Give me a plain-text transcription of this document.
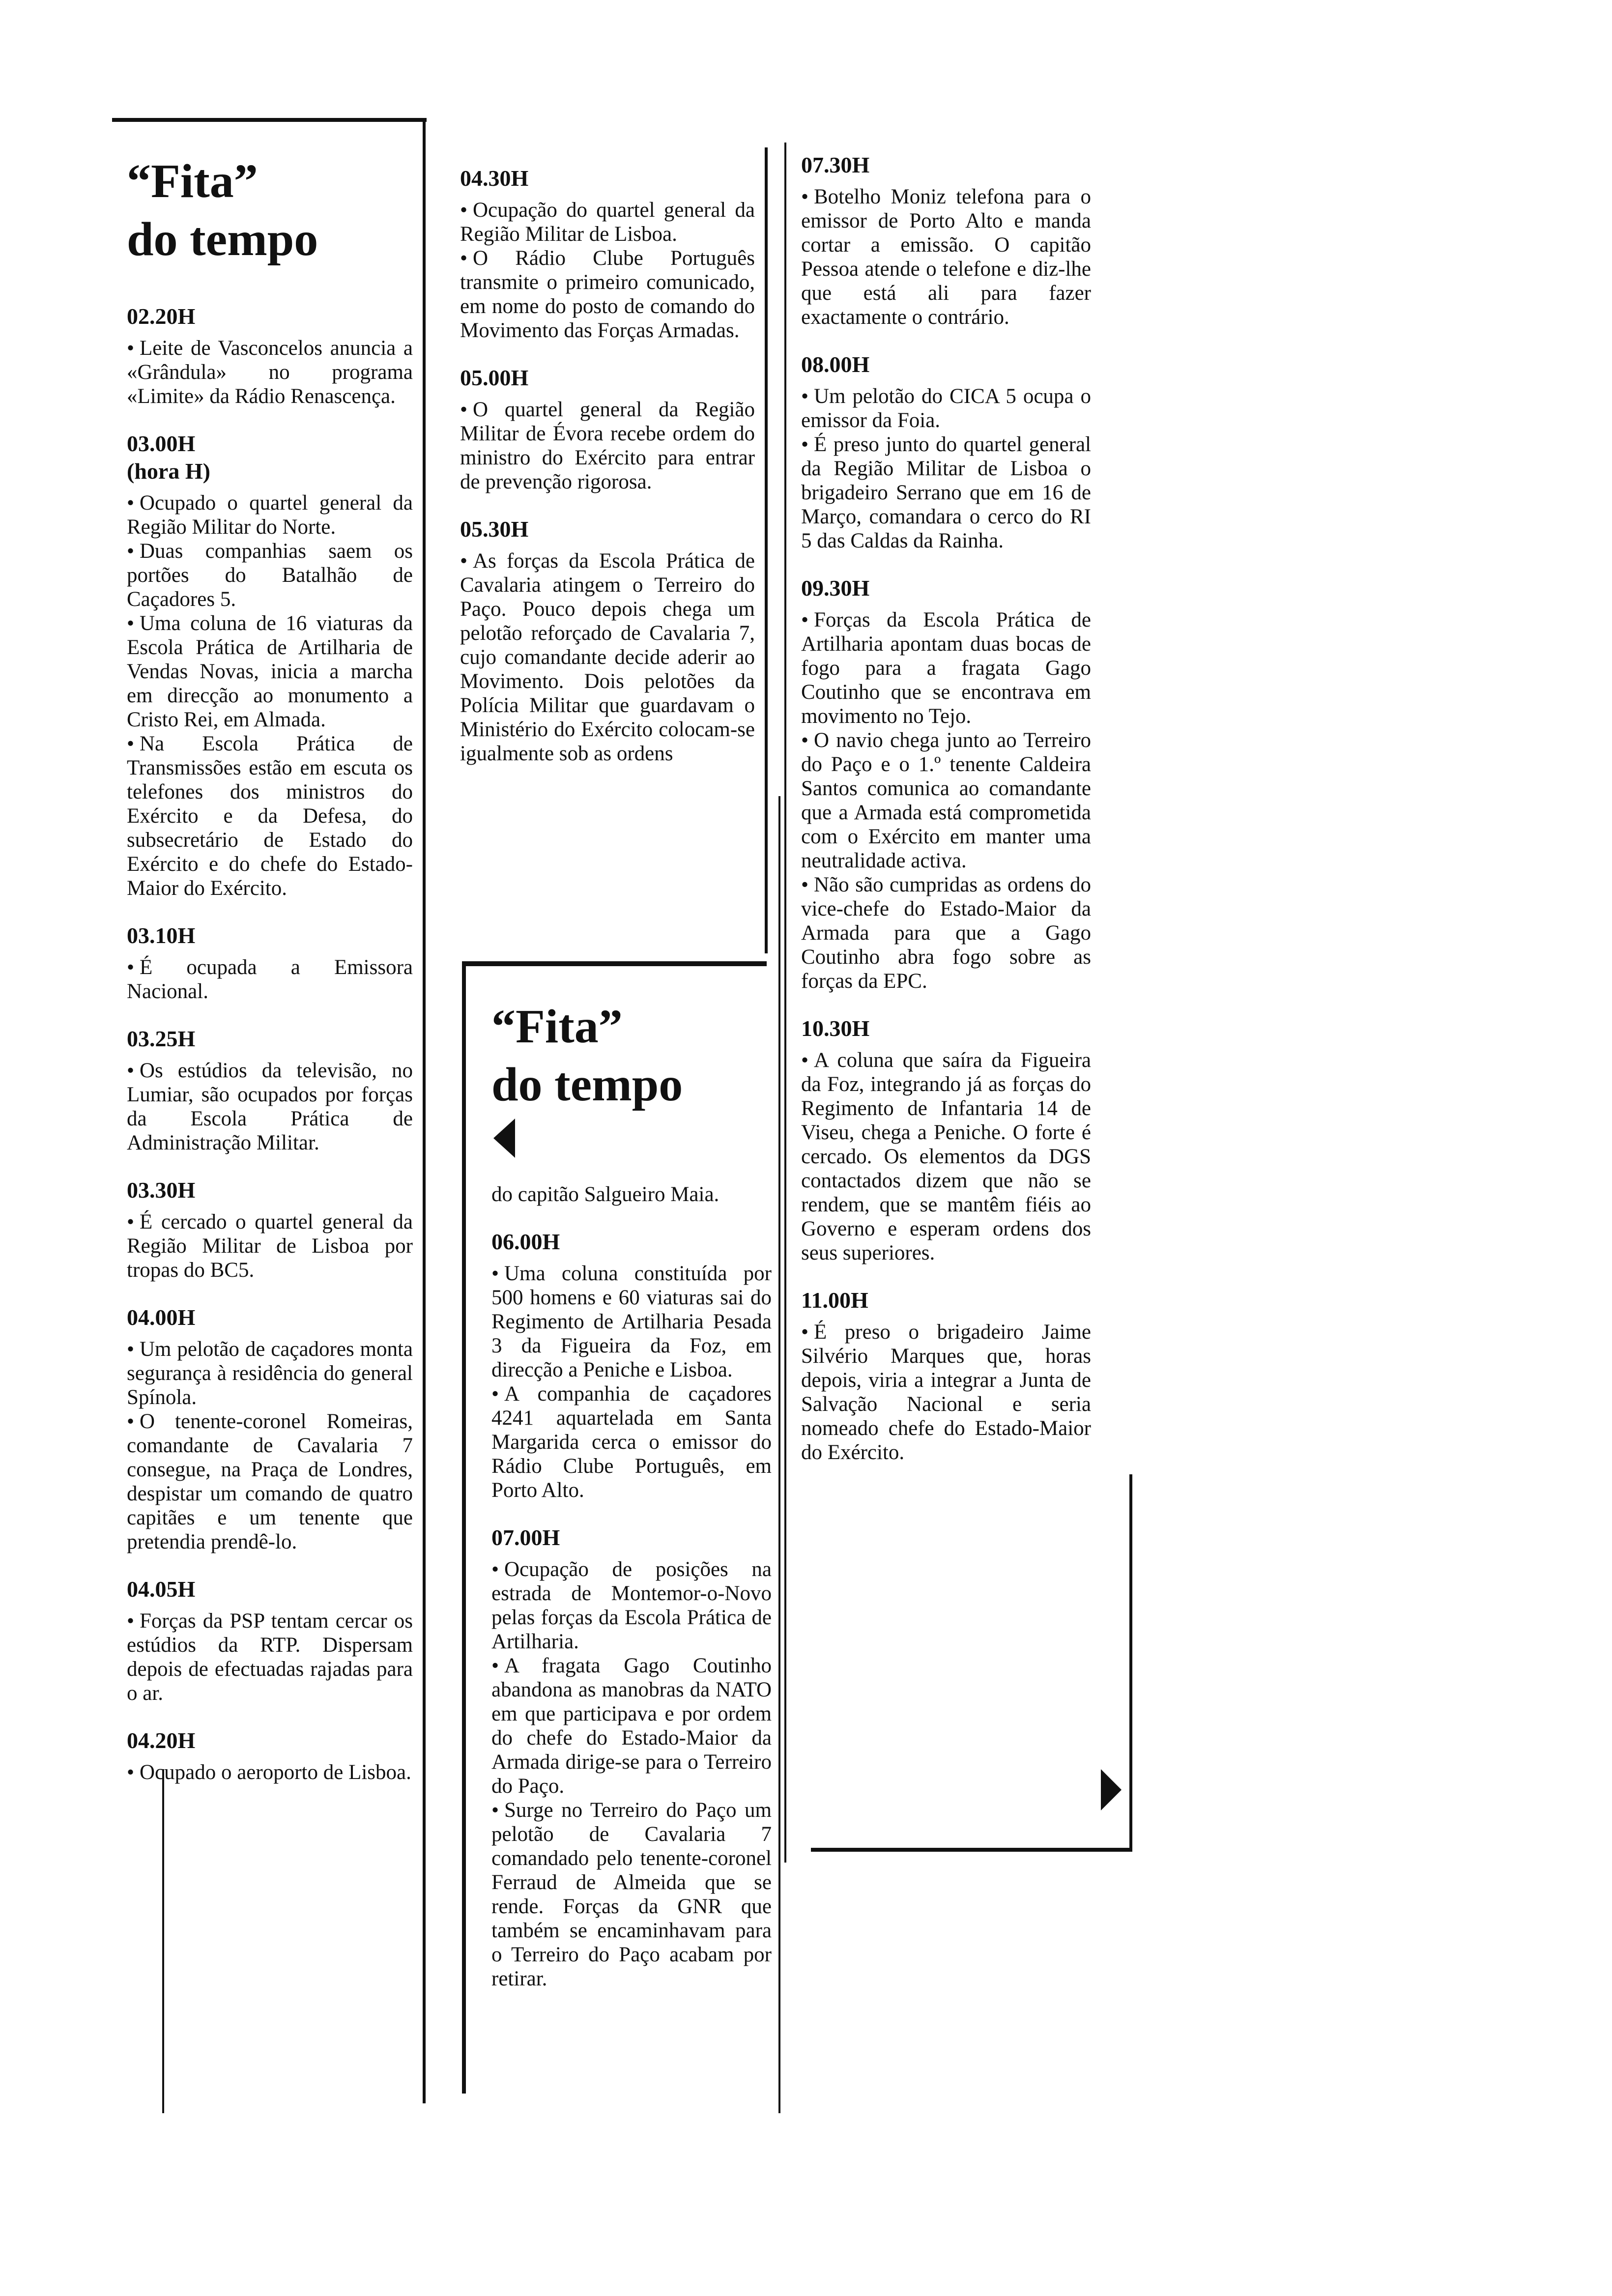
“Fita”
do tempo
02.20H

• Leite de Vasconcelos anuncia a «Grândula» no programa «Limite» da Rádio Renascença.

03.00H
(hora H)

• Ocupado o quartel general da Região Militar do Norte.

• Duas companhias saem os portões do Batalhão de Caçadores 5.

• Uma coluna de 16 viaturas da Escola Prática de Artilharia de Vendas Novas, inicia a marcha em direcção ao monumento a Cristo Rei, em Almada.

• Na Escola Prática de Transmissões estão em escuta os telefones dos ministros do Exército e da Defesa, do subsecretário de Estado do Exército e do chefe do Estado-Maior do Exército.

03.10H

• É ocupada a Emissora Nacional.

03.25H

• Os estúdios da televisão, no Lumiar, são ocupados por forças da Escola Prática de Administração Militar.

03.30H

• É cercado o quartel general da Região Militar de Lisboa por tropas do BC5.

04.00H

• Um pelotão de caçadores monta segurança à residência do general Spínola.

• O tenente-coronel Romeiras, comandante de Cavalaria 7 consegue, na Praça de Londres, despistar um comando de quatro capitães e um tenente que pretendia prendê-lo.

04.05H

• Forças da PSP tentam cercar os estúdios da RTP. Dispersam depois de efectuadas rajadas para o ar.

04.20H

• Ocupado o aeroporto de Lisboa.

04.30H

• Ocupação do quartel general da Região Militar de Lisboa.

• O Rádio Clube Português transmite o primeiro comunicado, em nome do posto de comando do Movimento das Forças Armadas.

05.00H

• O quartel general da Região Militar de Évora recebe ordem do ministro do Exército para entrar de prevenção rigorosa.

05.30H

• As forças da Escola Prática de Cavalaria atingem o Terreiro do Paço. Pouco depois chega um pelotão reforçado de Cavalaria 7, cujo comandante decide aderir ao Movimento. Dois pelotões da Polícia Militar que guardavam o Ministério do Exército colocam-se igualmente sob as ordens

“Fita”
do tempo

do capitão Salgueiro Maia.

06.00H

• Uma coluna constituída por 500 homens e 60 viaturas sai do Regimento de Artilharia Pesada 3 da Figueira da Foz, em direcção a Peniche e Lisboa.

• A companhia de caçadores 4241 aquartelada em Santa Margarida cerca o emissor do Rádio Clube Português, em Porto Alto.

07.00H

• Ocupação de posições na estrada de Montemor-o-Novo pelas forças da Escola Prática de Artilharia.

• A fragata Gago Coutinho abandona as manobras da NATO em que participava e por ordem do chefe do Estado-Maior da Armada dirige-se para o Terreiro do Paço.

• Surge no Terreiro do Paço um pelotão de Cavalaria 7 comandado pelo tenente-coronel Ferraud de Almeida que se rende. Forças da GNR que também se encaminhavam para o Terreiro do Paço acabam por retirar.

07.30H

• Botelho Moniz telefona para o emissor de Porto Alto e manda cortar a emissão. O capitão Pessoa atende o telefone e diz-lhe que está ali para fazer exactamente o contrário.

08.00H

• Um pelotão do CICA 5 ocupa o emissor da Foia.

• É preso junto do quartel general da Região Militar de Lisboa o brigadeiro Serrano que em 16 de Março, comandara o cerco do RI 5 das Caldas da Rainha.

09.30H

• Forças da Escola Prática de Artilharia apontam duas bocas de fogo para a fragata Gago Coutinho que se encontrava em movimento no Tejo.

• O navio chega junto ao Terreiro do Paço e o 1.º tenente Caldeira Santos comunica ao comandante que a Armada está comprometida com o Exército em manter uma neutralidade activa.

• Não são cumpridas as ordens do vice-chefe do Estado-Maior da Armada para que a Gago Coutinho abra fogo sobre as forças da EPC.

10.30H

• A coluna que saíra da Figueira da Foz, integrando já as forças do Regimento de Infantaria 14 de Viseu, chega a Peniche. O forte é cercado. Os elementos da DGS contactados dizem que não se rendem, que se mantêm fiéis ao Governo e esperam ordens dos seus superiores.

11.00H

• É preso o brigadeiro Jaime Silvério Marques que, horas depois, viria a integrar a Junta de Salvação Nacional e seria nomeado chefe do Estado-Maior do Exército.
